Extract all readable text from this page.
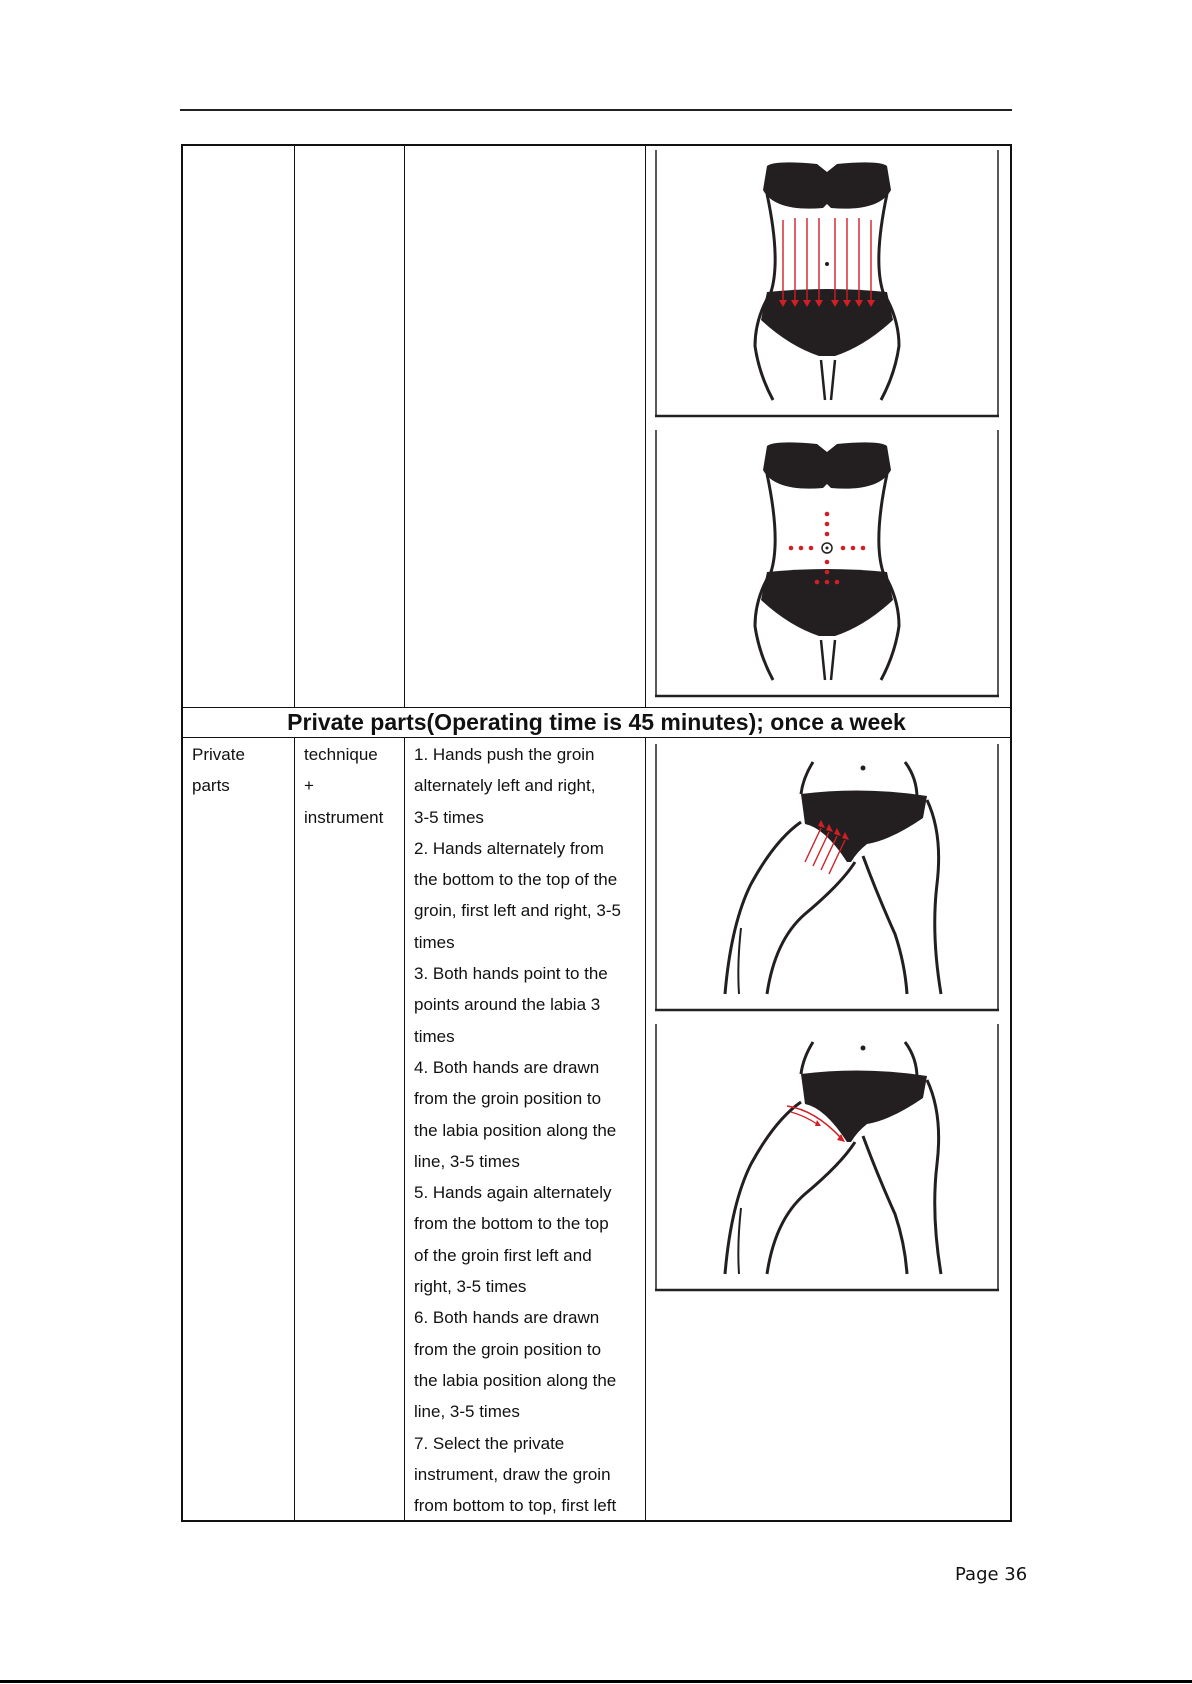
Private parts(Operating time is 45 minutes); once a week
Private
parts
technique
+
instrument
1. Hands push the groin
alternately left and right,
3-5 times
2. Hands alternately from
the bottom to the top of the
groin, first left and right, 3-5
times
3. Both hands point to the
points around the labia 3
times
4. Both hands are drawn
from the groin position to
the labia position along the
line, 3-5 times
5. Hands again alternately
from the bottom to the top
of the groin first left and
right, 3-5 times
6. Both hands are drawn
from the groin position to
the labia position along the
line, 3-5 times
7. Select the private
instrument, draw the groin
from bottom to top, first left
Page 36
